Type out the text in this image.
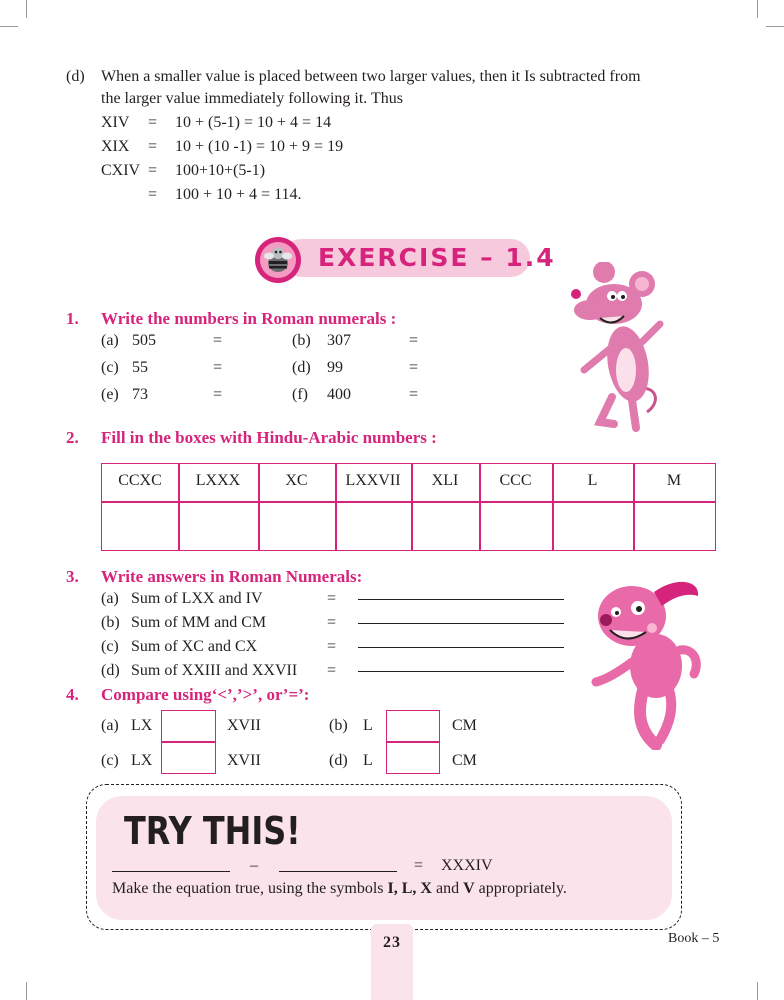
(d) When a smaller value is placed between two larger values, then it Is subtracted from
the larger value immediately following it. Thus
XIV = 10 + (5-1) = 10 + 4 = 14
XIX = 10 + (10 -1) = 10 + 9 = 19
CXIV = 100+10+(5-1)
= 100 + 10 + 4 = 114.
EXERCISE – 1.4
1. Write the numbers in Roman numerals :
(a) 505	=	(b) 307	=
(c) 55	=	(d) 99	=
(e) 73	=	(f) 400	=
2. Fill in the boxes with Hindu-Arabic numbers :
CCXC	LXXX	XC	LXXVII	XLI	CCC	L	M
3. Write answers in Roman Numerals:
(a) Sum of LXX and IV	=
(b) Sum of MM and CM	=
(c) Sum of XC and CX	=
(d) Sum of XXIII and XXVII =
4. Compare using‘<’,’>’, or’=’:
(a) LX	XVII	(b) L	CM
(c) LX	XVII	(d) L	CM
TRY THIS!
–	= XXXIV
Make the equation true, using the symbols I, L, X and V appropriately.
23	Book – 5
